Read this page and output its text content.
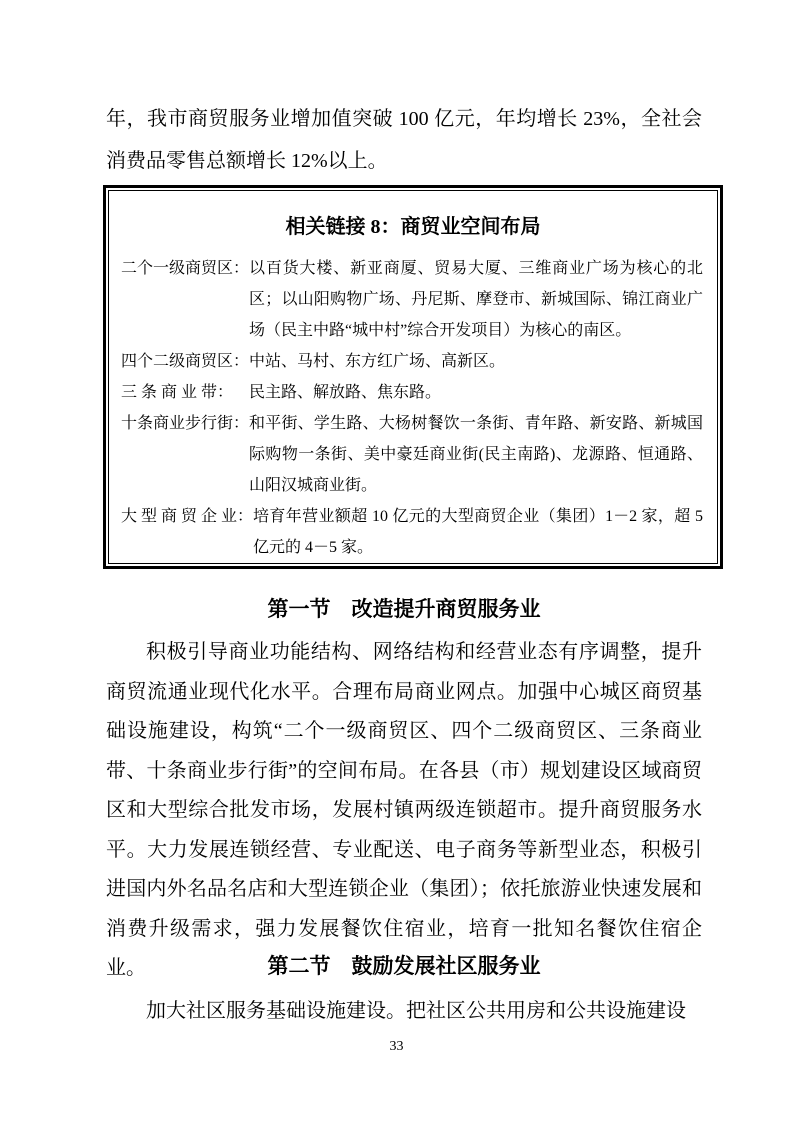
年，我市商贸服务业增加值突破 100 亿元，年均增长 23%，全社会消费品零售总额增长 12%以上。

相关链接 8：商贸业空间布局
二个一级商贸区： 以百货大楼、新亚商厦、贸易大厦、三维商业广场为核心的北区；以山阳购物广场、丹尼斯、摩登市、新城国际、锦江商业广场（民主中路“城中村”综合开发项目）为核心的南区。
四个二级商贸区： 中站、马村、东方红广场、高新区。
三 条 商 业 带： 民主路、解放路、焦东路。
十条商业步行街： 和平街、学生路、大杨树餐饮一条街、青年路、新安路、新城国际购物一条街、美中豪廷商业街(民主南路)、龙源路、恒通路、山阳汉城商业街。
大 型 商 贸 企 业： 培育年营业额超 10 亿元的大型商贸企业（集团）1－2 家，超 5 亿元的 4－5 家。
第一节　改造提升商贸服务业

积极引导商业功能结构、网络结构和经营业态有序调整，提升商贸流通业现代化水平。合理布局商业网点。加强中心城区商贸基础设施建设，构筑“二个一级商贸区、四个二级商贸区、三条商业带、十条商业步行街”的空间布局。在各县（市）规划建设区域商贸区和大型综合批发市场，发展村镇两级连锁超市。提升商贸服务水平。大力发展连锁经营、专业配送、电子商务等新型业态，积极引进国内外名品名店和大型连锁企业（集团）；依托旅游业快速发展和消费升级需求，强力发展餐饮住宿业，培育一批知名餐饮住宿企业。	第二节　鼓励发展社区服务业

加大社区服务基础设施建设。把社区公共用房和公共设施建设

33
